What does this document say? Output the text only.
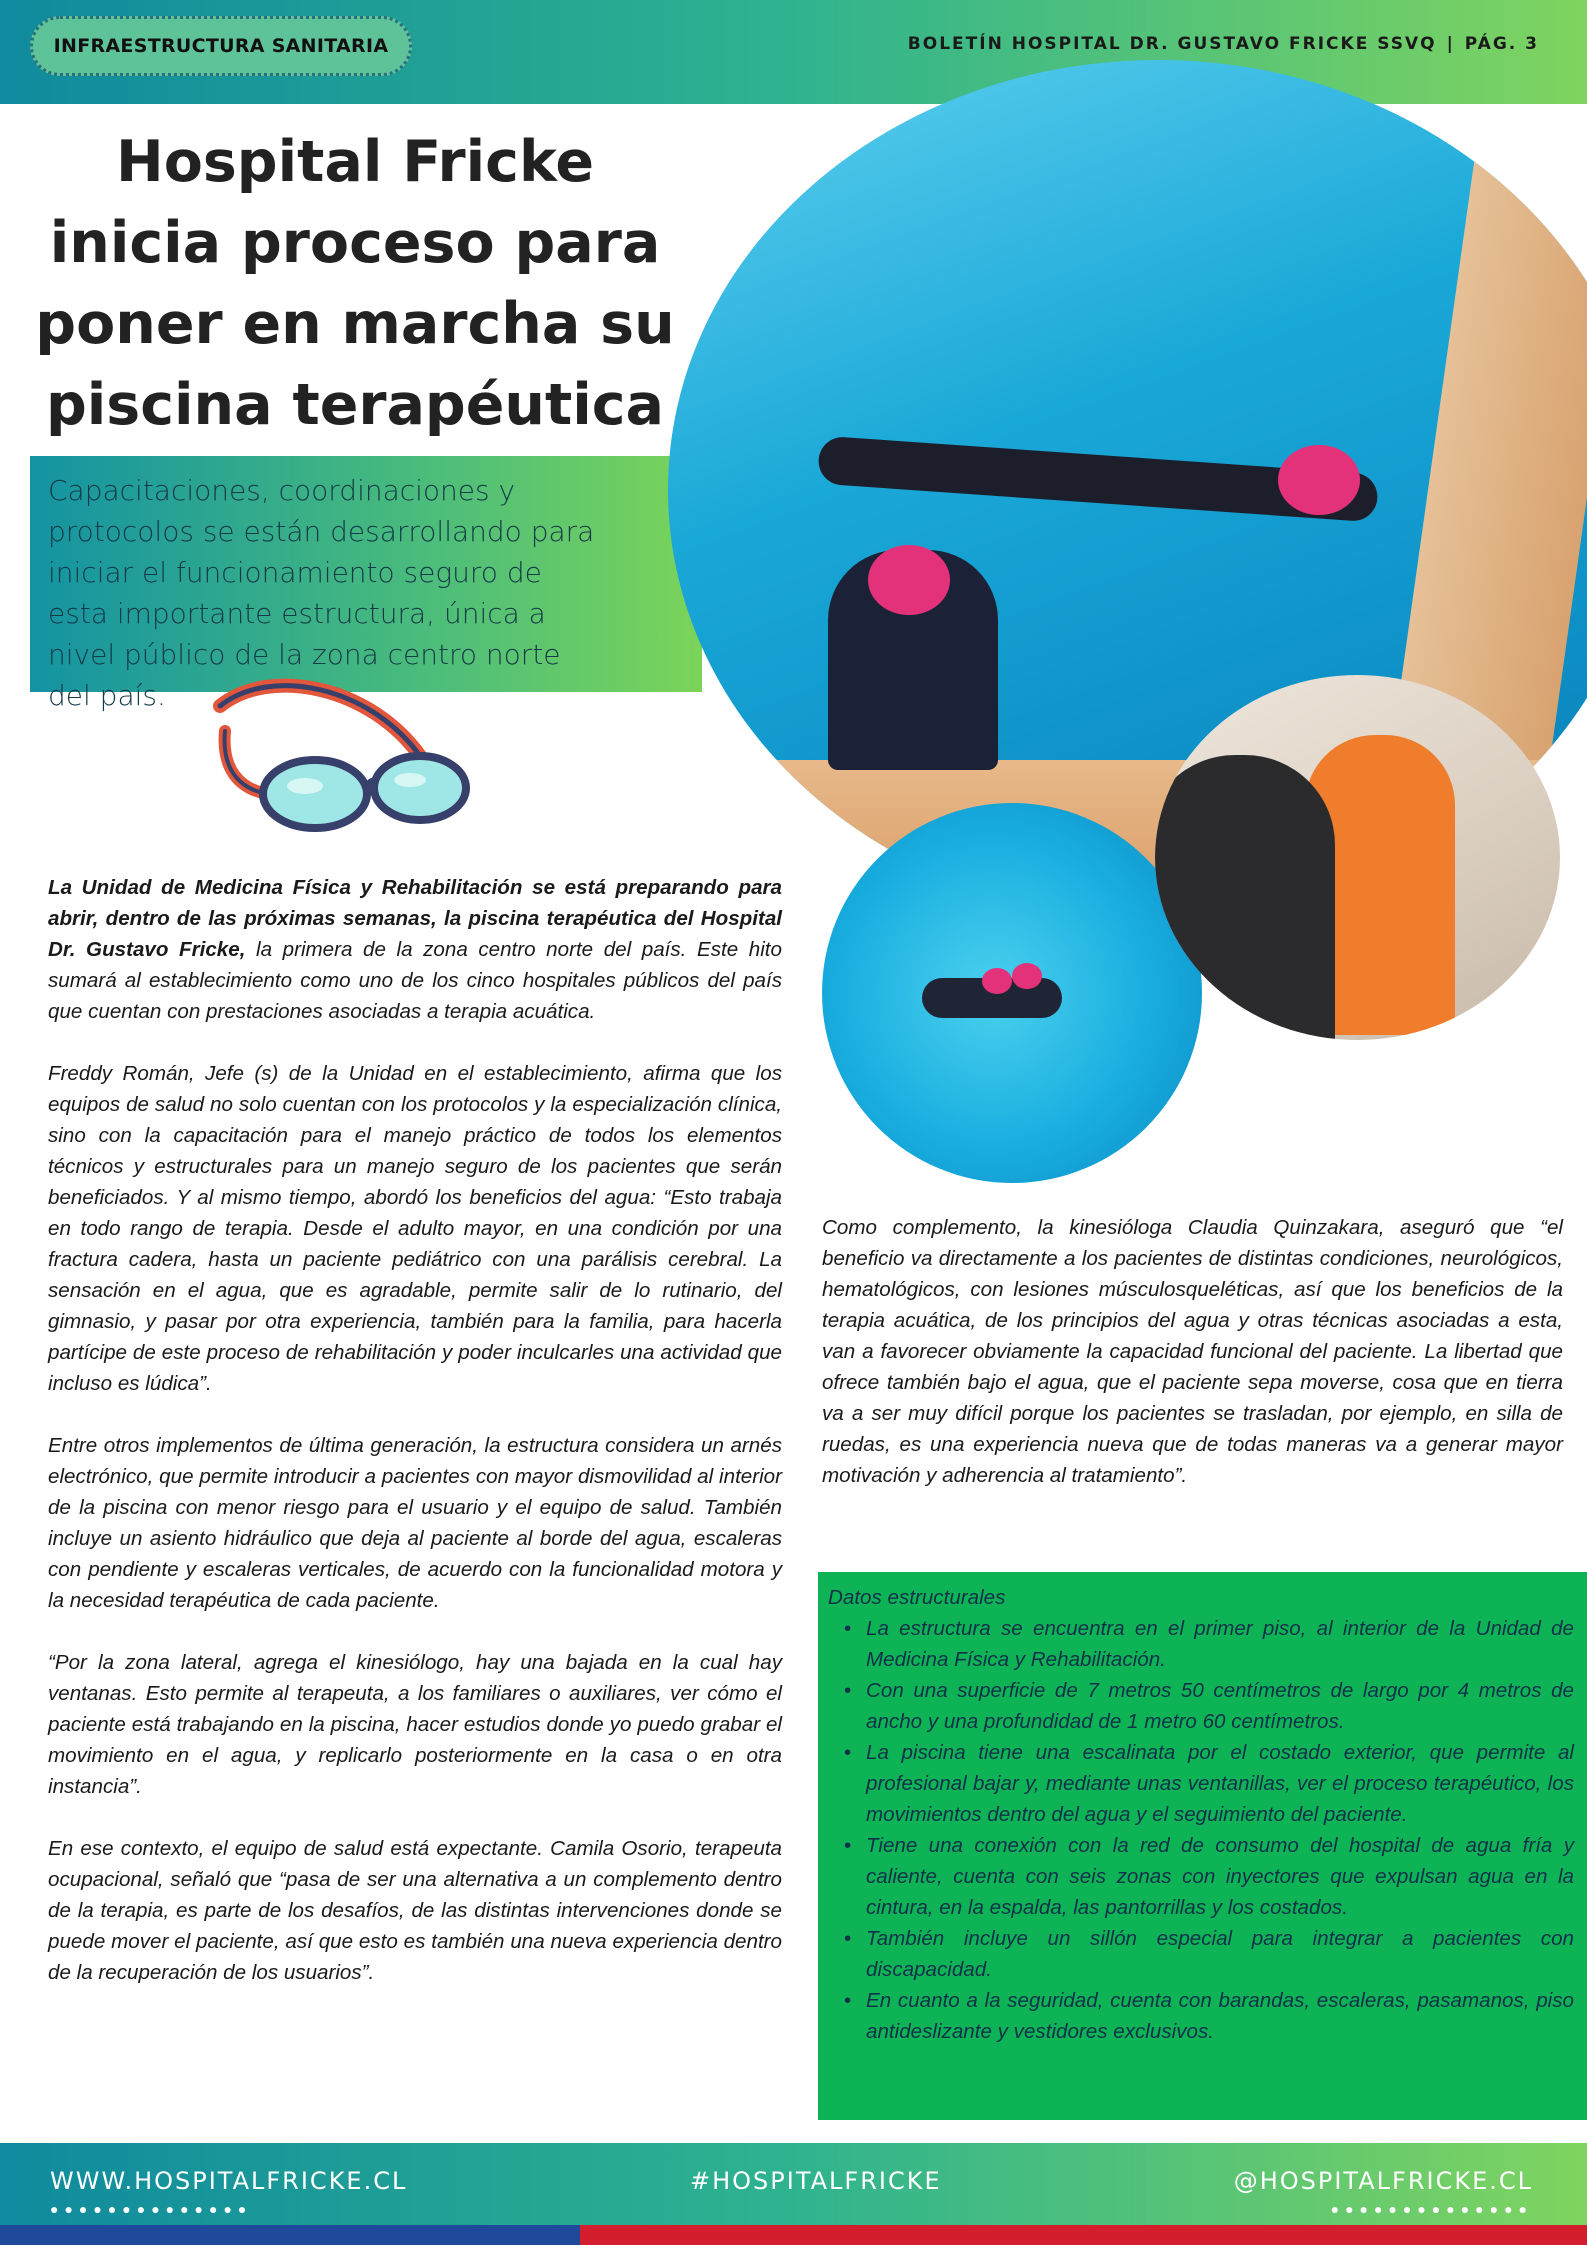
INFRAESTRUCTURA SANITARIA	BOLETÍN HOSPITAL DR. GUSTAVO FRICKE SSVQ | PÁG. 3
Hospital Fricke inicia proceso para poner en marcha su piscina terapéutica

Capacitaciones, coordinaciones y protocolos se están desarrollando para iniciar el funcionamiento seguro de esta importante estructura, única a nivel público de la zona centro norte del país.

La Unidad de Medicina Física y Rehabilitación se está preparando para abrir, dentro de las próximas semanas, la piscina terapéutica del Hospital Dr. Gustavo Fricke, la primera de la zona centro norte del país. Este hito sumará al establecimiento como uno de los cinco hospitales públicos del país que cuentan con prestaciones asociadas a terapia acuática.

Freddy Román, Jefe (s) de la Unidad en el establecimiento, afirma que los equipos de salud no solo cuentan con los protocolos y la especialización clínica, sino con la capacitación para el manejo práctico de todos los elementos técnicos y estructurales para un manejo seguro de los pacientes que serán beneficiados. Y al mismo tiempo, abordó los beneficios del agua: “Esto trabaja en todo rango de terapia. Desde el adulto mayor, en una condición por una fractura cadera, hasta un paciente pediátrico con una parálisis cerebral. La sensación en el agua, que es agradable, permite salir de lo rutinario, del gimnasio, y pasar por otra experiencia, también para la familia, para hacerla partícipe de este proceso de rehabilitación y poder inculcarles una actividad que incluso es lúdica”.

Entre otros implementos de última generación, la estructura considera un arnés electrónico, que permite introducir a pacientes con mayor dismovilidad al interior de la piscina con menor riesgo para el usuario y el equipo de salud. También incluye un asiento hidráulico que deja al paciente al borde del agua, escaleras con pendiente y escaleras verticales, de acuerdo con la funcionalidad motora y la necesidad terapéutica de cada paciente.

“Por la zona lateral, agrega el kinesiólogo, hay una bajada en la cual hay ventanas. Esto permite al terapeuta, a los familiares o auxiliares, ver cómo el paciente está trabajando en la piscina, hacer estudios donde yo puedo grabar el movimiento en el agua, y replicarlo posteriormente en la casa o en otra instancia”.

En ese contexto, el equipo de salud está expectante. Camila Osorio, terapeuta ocupacional, señaló que “pasa de ser una alternativa a un complemento dentro de la terapia, es parte de los desafíos, de las distintas intervenciones donde se puede mover el paciente, así que esto es también una nueva experiencia dentro de la recuperación de los usuarios”.

Como complemento, la kinesióloga Claudia Quinzakara, aseguró que “el beneficio va directamente a los pacientes de distintas condiciones, neurológicos, hematológicos, con lesiones músculosqueléticas, así que los beneficios de la terapia acuática, de los principios del agua y otras técnicas asociadas a esta, van a favorecer obviamente la capacidad funcional del paciente. La libertad que ofrece también bajo el agua, que el paciente sepa moverse, cosa que en tierra va a ser muy difícil porque los pacientes se trasladan, por ejemplo, en silla de ruedas, es una experiencia nueva que de todas maneras va a generar mayor motivación y adherencia al tratamiento”.

Datos estructurales
• La estructura se encuentra en el primer piso, al interior de la Unidad de Medicina Física y Rehabilitación.
• Con una superficie de 7 metros 50 centímetros de largo por 4 metros de ancho y una profundidad de 1 metro 60 centímetros.
• La piscina tiene una escalinata por el costado exterior, que permite al profesional bajar y, mediante unas ventanillas, ver el proceso terapéutico, los movimientos dentro del agua y el seguimiento del paciente.
• Tiene una conexión con la red de consumo del hospital de agua fría y caliente, cuenta con seis zonas con inyectores que expulsan agua en la cintura, en la espalda, las pantorrillas y los costados.
• También incluye un sillón especial para integrar a pacientes con discapacidad.
• En cuanto a la seguridad, cuenta con barandas, escaleras, pasamanos, piso antideslizante y vestidores exclusivos.
WWW.HOSPITALFRICKE.CL
●●●●●●●●●●●●●●
#HOSPITALFRICKE	@HOSPITALFRICKE.CL
●●●●●●●●●●●●●●
